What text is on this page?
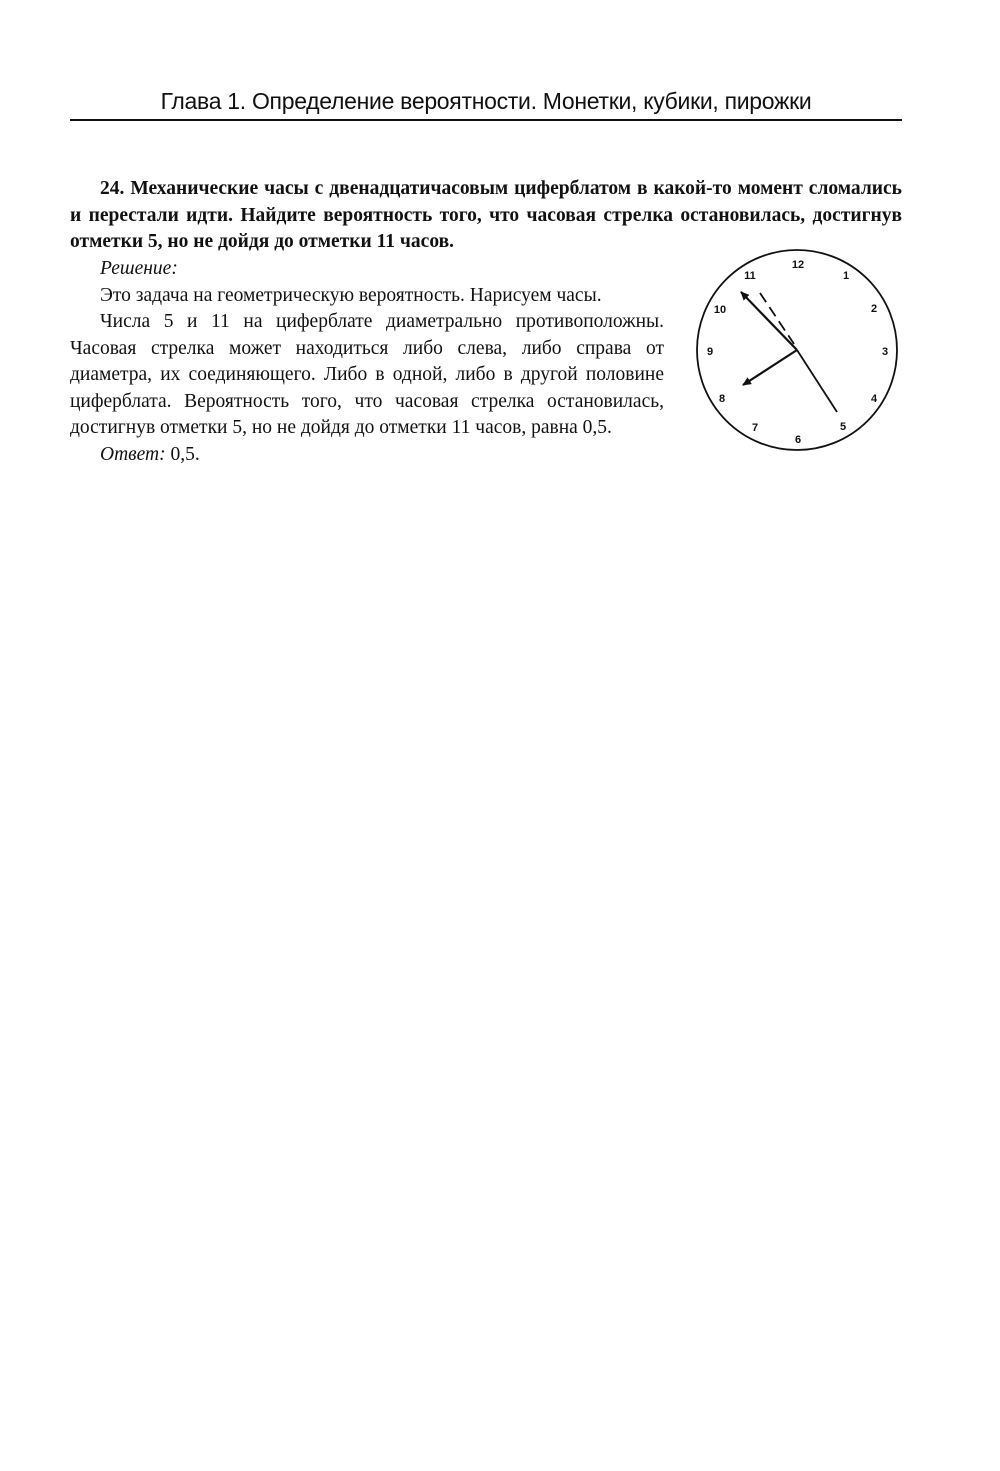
Глава 1. Определение вероятности. Монетки, кубики, пирожки

24. Механические часы с двенадцатичасовым циферблатом в какой-то момент сломались и перестали идти. Найдите вероятность того, что часовая стрелка остановилась, достигнув отметки 5, но не дойдя до отметки 11 часов.

Решение:

Это задача на геометрическую вероятность. Нарисуем часы.

Числа 5 и 11 на циферблате диаметрально противоположны. Часовая стрелка может находиться либо слева, либо справа от диаметра, их соединяющего. Либо в одной, либо в другой половине циферблата. Вероятность того, что часовая стрелка остановилась, достигнув отметки 5, но не дойдя до отметки 11 часов, равна 0,5.

Ответ: 0,5.

12
1
2
3
4
5
6
7
8
9
10
11
